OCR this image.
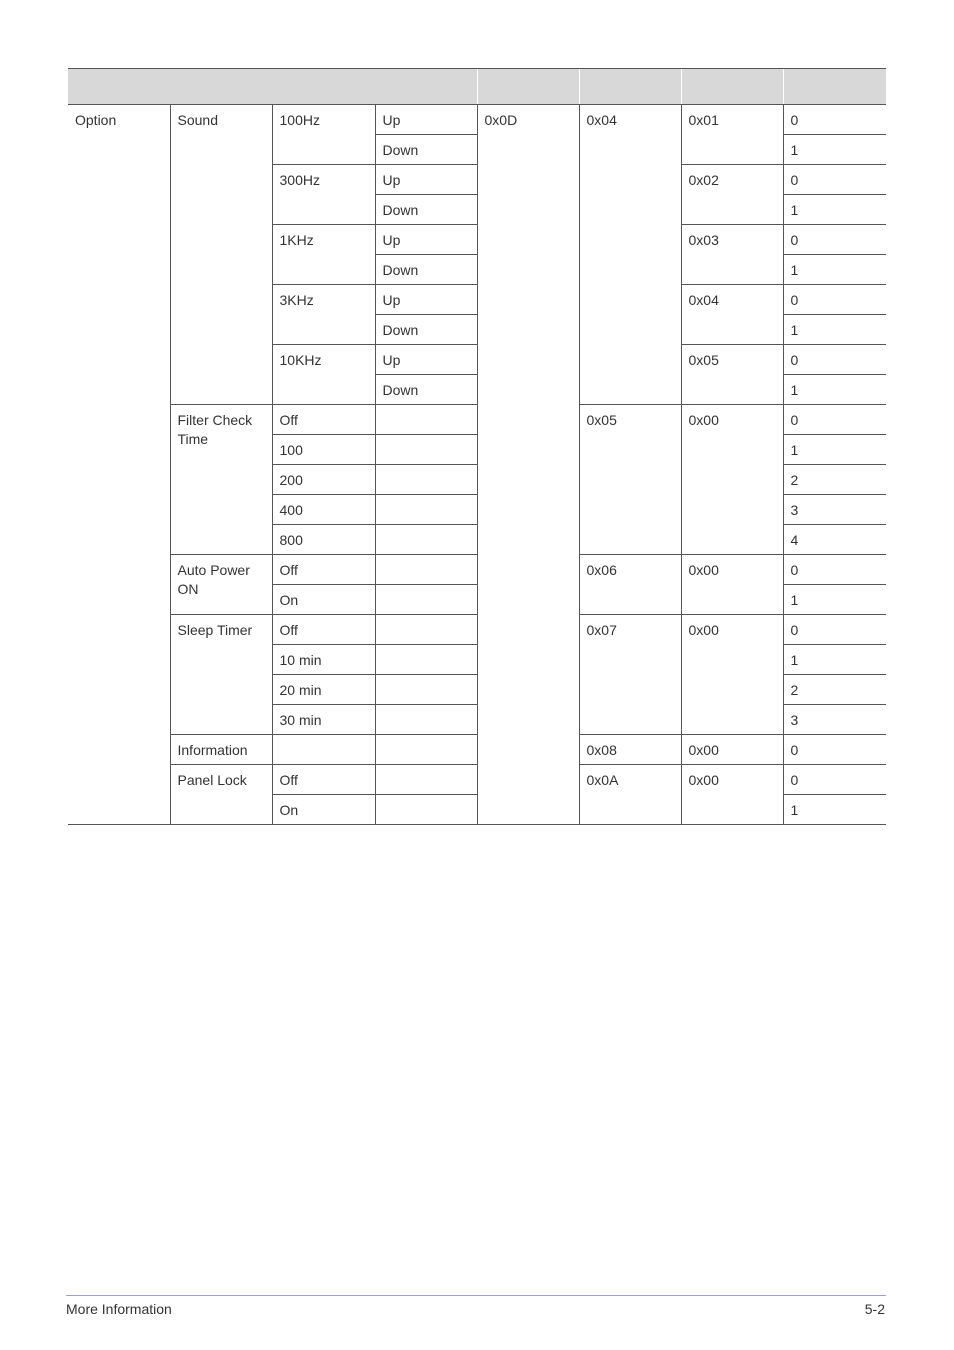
Option	Sound	100Hz	Up	0x0D	0x04	0x01	0
			Down				1
		300Hz	Up			0x02	0
			Down				1
		1KHz	Up			0x03	0
			Down				1
		3KHz	Up			0x04	0
			Down				1
		10KHz	Up			0x05	0
			Down				1
	Filter Check Time	Off			0x05	0x00	0
		100					1
		200					2
		400					3
		800					4
	Auto Power ON	Off			0x06	0x00	0
		On					1
	Sleep Timer	Off			0x07	0x00	0
		10 min					1
		20 min					2
		30 min					3
	Information				0x08	0x00	0
	Panel Lock	Off			0x0A	0x00	0
		On					1
More Information	5-2
